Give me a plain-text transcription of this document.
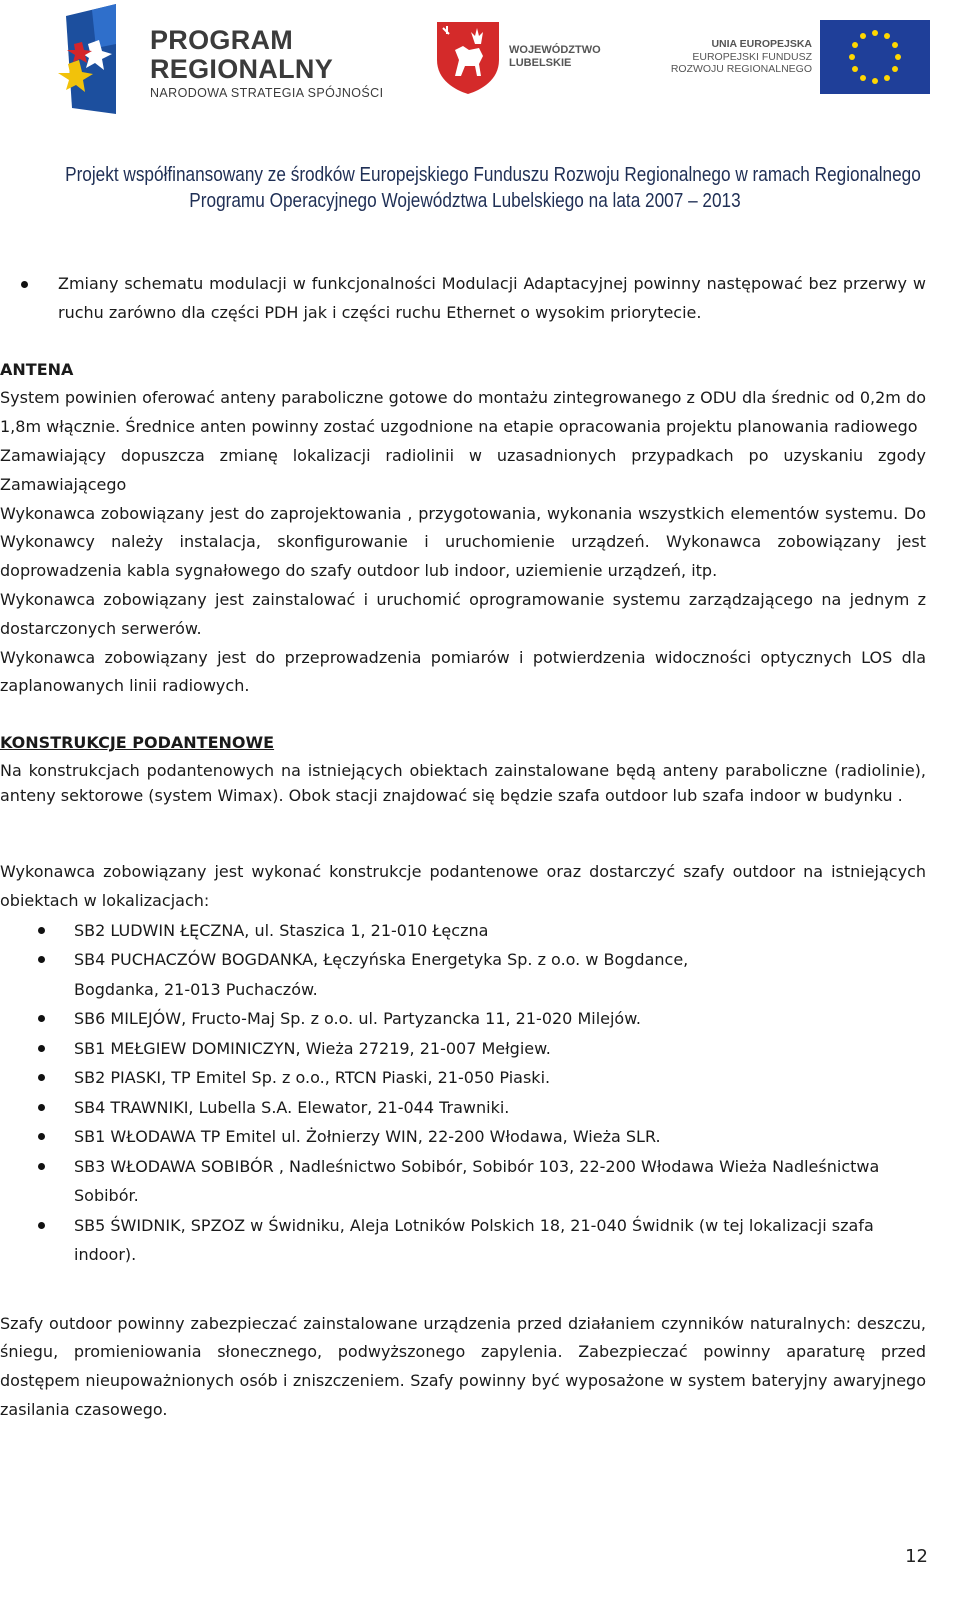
PROGRAM
REGIONALNY
NARODOWA STRATEGIA SPÓJNOŚCI
WOJEWÓDZTWO
LUBELSKIE
UNIA EUROPEJSKA
EUROPEJSKI FUNDUSZ
ROZWOJU REGIONALNEGO
Projekt współfinansowany ze środków Europejskiego Funduszu Rozwoju Regionalnego w ramach Regionalnego
Programu Operacyjnego Województwa Lubelskiego na lata 2007 – 2013

Zmiany schematu modulacji w funkcjonalności Modulacji Adaptacyjnej powinny następować bez przerwy w ruchu zarówno dla części PDH jak i części ruchu Ethernet o wysokim priorytecie.

ANTENA

System powinien oferować anteny paraboliczne gotowe do montażu zintegrowanego z ODU dla średnic od 0,2m do 1,8m włącznie. Średnice anten powinny zostać uzgodnione na etapie opracowania projektu planowania radiowego

Zamawiający dopuszcza zmianę lokalizacji radiolinii w uzasadnionych przypadkach po uzyskaniu zgody Zamawiającego

Wykonawca zobowiązany jest do zaprojektowania , przygotowania, wykonania wszystkich elementów systemu. Do Wykonawcy należy instalacja, skonfigurowanie i uruchomienie urządzeń. Wykonawca zobowiązany jest doprowadzenia kabla sygnałowego do szafy outdoor lub indoor, uziemienie urządzeń, itp.

Wykonawca zobowiązany jest zainstalować i uruchomić oprogramowanie systemu zarządzającego na jednym z dostarczonych serwerów.

Wykonawca zobowiązany jest do przeprowadzenia pomiarów i potwierdzenia widoczności optycznych LOS dla zaplanowanych linii radiowych.

KONSTRUKCJE PODANTENOWE

Na konstrukcjach podantenowych na istniejących obiektach zainstalowane będą anteny paraboliczne (radiolinie), anteny sektorowe (system Wimax). Obok stacji znajdować się będzie szafa outdoor lub szafa indoor w budynku .

Wykonawca zobowiązany jest wykonać konstrukcje podantenowe oraz dostarczyć szafy outdoor na istniejących obiektach w lokalizacjach:

SB2 LUDWIN ŁĘCZNA, ul. Staszica 1, 21-010 Łęczna
SB4 PUCHACZÓW BOGDANKA, Łęczyńska Energetyka Sp. z o.o. w Bogdance,
Bogdanka, 21-013 Puchaczów.
SB6 MILEJÓW, Fructo-Maj Sp. z o.o. ul. Partyzancka 11, 21-020 Milejów.
SB1 MEŁGIEW DOMINICZYN, Wieża 27219, 21-007 Mełgiew.
SB2 PIASKI, TP Emitel Sp. z o.o., RTCN Piaski, 21-050 Piaski.
SB4 TRAWNIKI, Lubella S.A. Elewator, 21-044 Trawniki.
SB1 WŁODAWA TP Emitel ul. Żołnierzy WIN, 22-200 Włodawa, Wieża SLR.
SB3 WŁODAWA SOBIBÓR , Nadleśnictwo Sobibór, Sobibór 103, 22-200 Włodawa Wieża Nadleśnictwa Sobibór.
SB5 ŚWIDNIK, SPZOZ w Świdniku, Aleja Lotników Polskich 18, 21-040 Świdnik (w tej lokalizacji szafa indoor).

Szafy outdoor powinny zabezpieczać zainstalowane urządzenia przed działaniem czynników naturalnych: deszczu, śniegu, promieniowania słonecznego, podwyższonego zapylenia. Zabezpieczać powinny aparaturę przed dostępem nieupoważnionych osób i zniszczeniem. Szafy powinny być wyposażone w system bateryjny awaryjnego zasilania czasowego.

12
